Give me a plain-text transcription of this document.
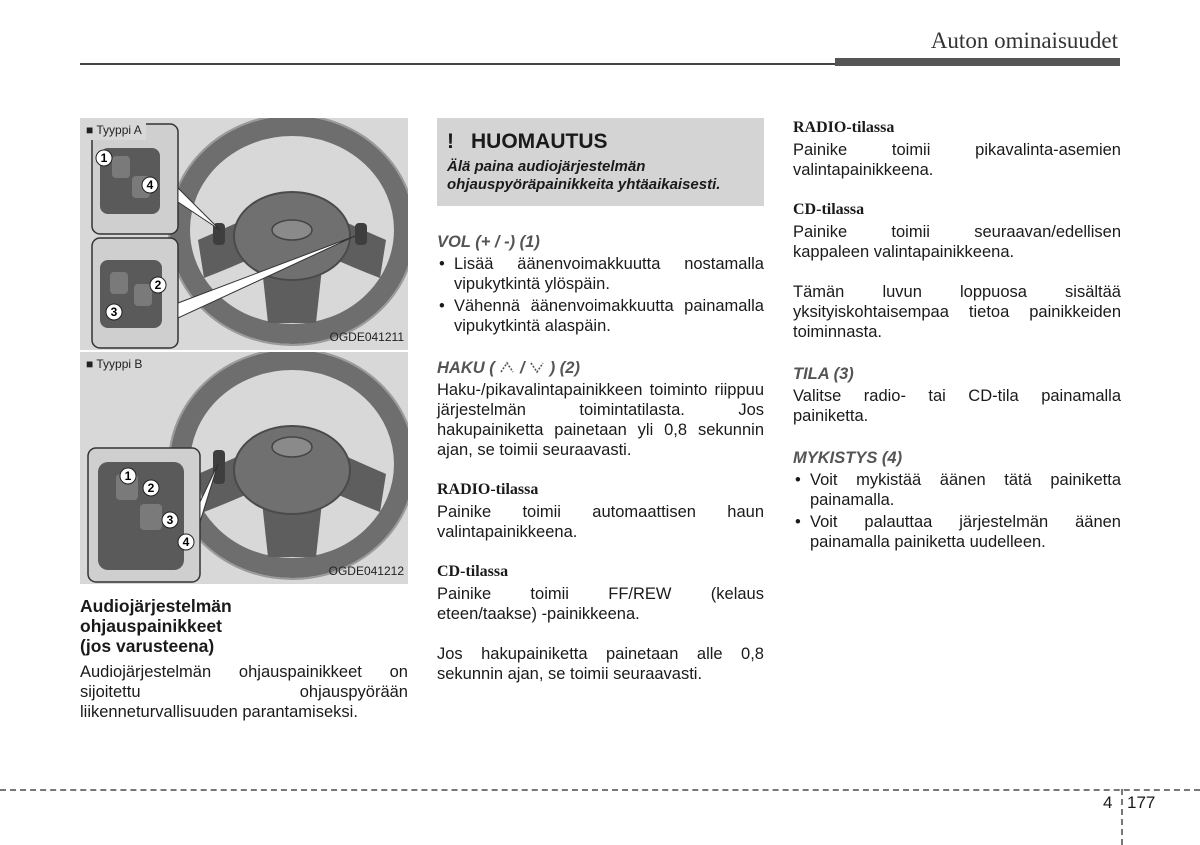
Auton ominaisuudet
1
4
2
3
■ Tyyppi A
OGDE041211
1
2
3
4
■ Tyyppi B
OGDE041212
Audiojärjestelmän
ohjauspainikkeet
(jos varusteena)

Audiojärjestelmän ohjauspainikkeet on sijoitettu ohjauspyörään liikenneturvallisuuden parantamiseksi.

! HUOMAUTUS
Älä paina audiojärjestelmän ohjauspyöräpainikkeita yhtäaikaisesti.
VOL (+ / -) (1)
• Lisää äänenvoimakkuutta nostamalla vipukytkintä ylöspäin.
• Vähennä äänenvoimakkuutta painamalla vipukytkintä alaspäin.
HAKU ( / ) (2)

Haku-/pikavalintapainikkeen toiminto riippuu järjestelmän toimintatilasta. Jos hakupainiketta painetaan yli 0,8 sekunnin ajan, se toimii seuraavasti.

RADIO-tilassa

Painike toimii automaattisen haun valintapainikkeena.

CD-tilassa

Painike toimii FF/REW (kelaus eteen/taakse) -painikkeena.

Jos hakupainiketta painetaan alle 0,8 sekunnin ajan, se toimii seuraavasti.

RADIO-tilassa

Painike toimii pikavalinta-asemien valintapainikkeena.

CD-tilassa

Painike toimii seuraavan/edellisen kappaleen valintapainikkeena.

Tämän luvun loppuosa sisältää yksityiskohtaisempaa tietoa painikkeiden toiminnasta.

TILA (3)

Valitse radio- tai CD-tila painamalla painiketta.

MYKISTYS (4)
• Voit mykistää äänen tätä painiketta painamalla.
• Voit palauttaa järjestelmän äänen painamalla painiketta uudelleen.
4 177
